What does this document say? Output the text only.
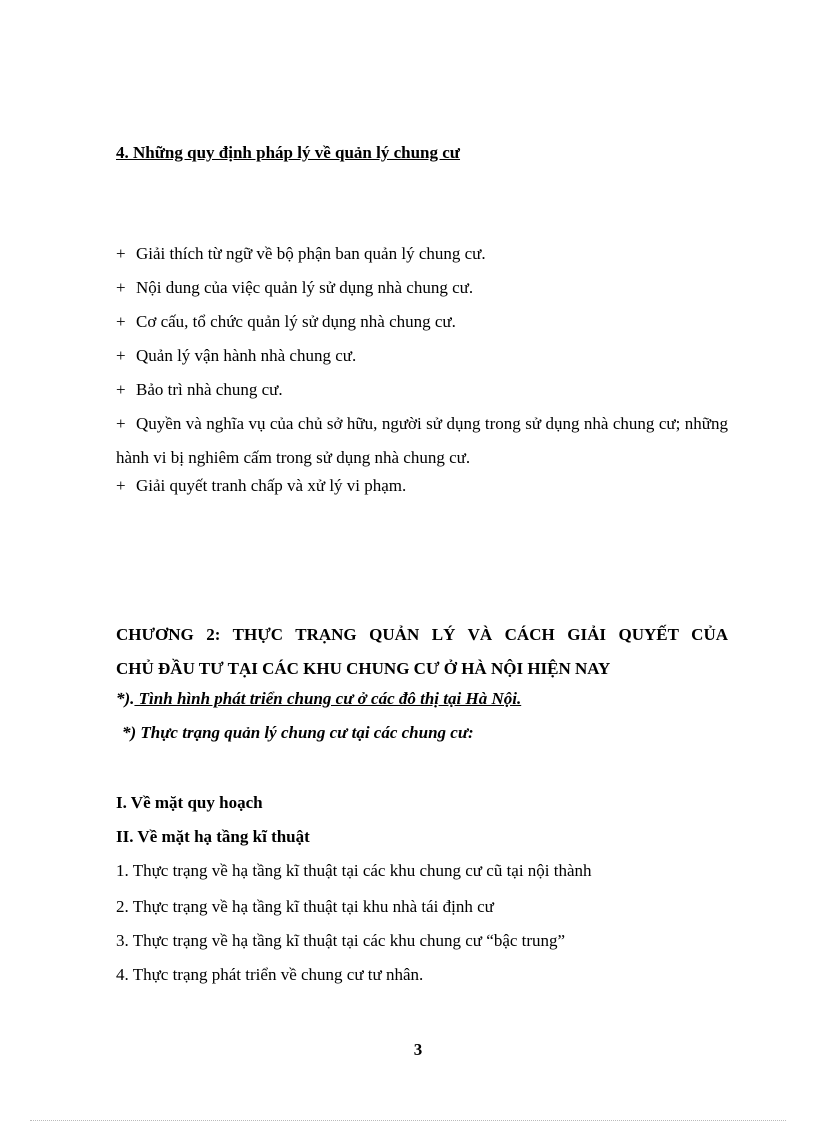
4. Những quy định pháp lý về quản lý chung cư
+ Giải thích từ ngữ về bộ phận ban quản lý chung cư.
+ Nội dung của việc quản lý sử dụng nhà chung cư.
+ Cơ cấu, tổ chức quản lý sử dụng nhà chung cư.
+ Quản lý vận hành nhà chung cư.
+ Bảo trì nhà chung cư.
+ Quyền và nghĩa vụ của chủ sở hữu, người sử dụng trong sử dụng nhà chung cư; những hành vi bị nghiêm cấm trong sử dụng nhà chung cư.
+ Giải quyết tranh chấp và xử lý vi phạm.
CHƯƠNG 2: THỰC TRẠNG QUẢN LÝ VÀ CÁCH GIẢI QUYẾT CỦA
CHỦ ĐẦU TƯ TẠI CÁC KHU CHUNG CƯ Ở HÀ NỘI HIỆN NAY
*). Tình hình phát triển chung cư ở các đô thị tại Hà Nội.
*) Thực trạng quản lý chung cư tại các chung cư:
I. Về mặt quy hoạch
II. Về mặt hạ tầng kĩ thuật
1. Thực trạng về hạ tầng kĩ thuật tại các khu chung cư cũ tại nội thành
2. Thực trạng về hạ tầng kĩ thuật tại khu nhà tái định cư
3. Thực trạng về hạ tầng kĩ thuật tại các khu chung cư “bậc trung”
4. Thực trạng phát triển về chung cư tư nhân.
3
